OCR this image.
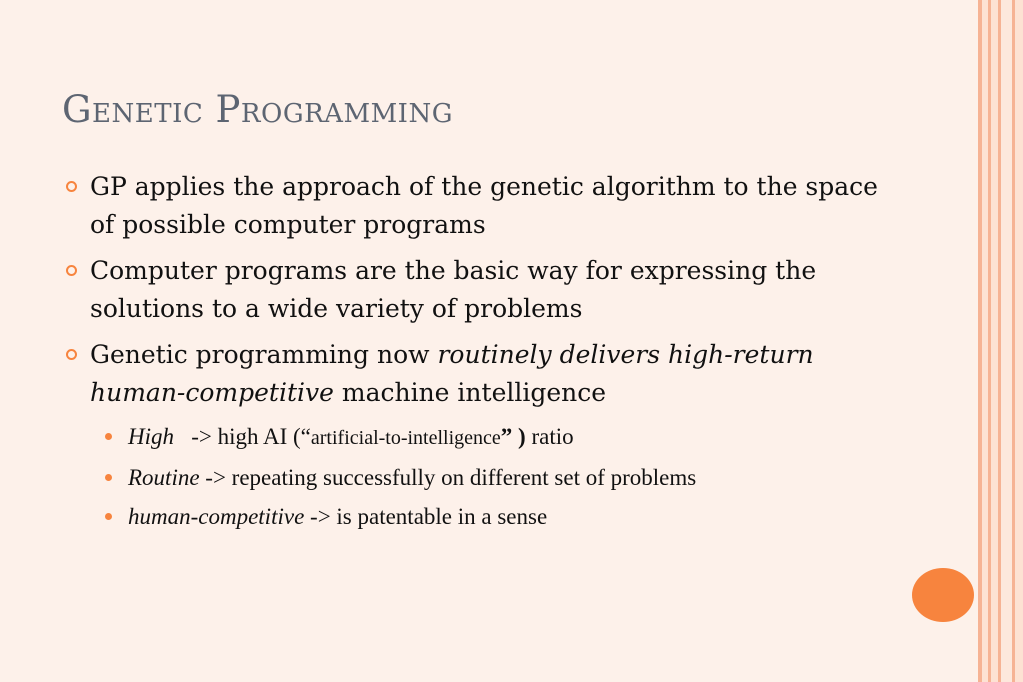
Genetic Programming
GP applies the approach of the genetic algorithm to the space of possible computer programs
Computer programs are the basic way for expressing the solutions to a wide variety of problems
Genetic programming now routinely delivers high-return human-competitive machine intelligence
High   -> high AI (“artificial-to-intelligence” ) ratio
Routine -> repeating successfully on different set of problems
human-competitive -> is patentable in a sense
